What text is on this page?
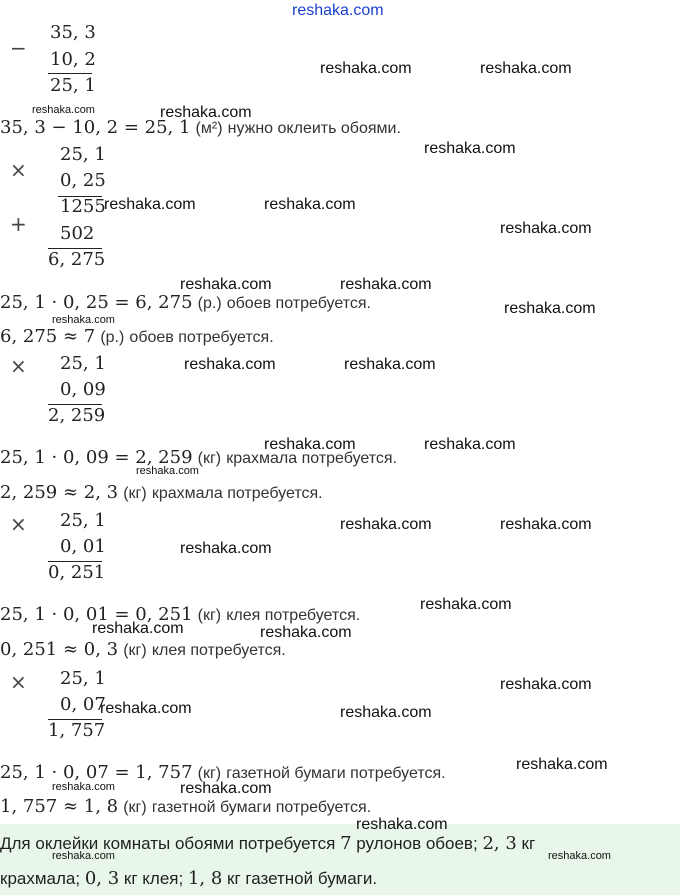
reshaka.com
−
35, 3
10, 2
25, 1
reshaka.com	reshaka.com
reshaka.com	reshaka.com
35, 3 − 10, 2 = 25, 1 (м²) нужно оклеить обоями.
×
25, 1
0, 25
1255
+ 502
6, 275
reshaka.com
reshaka.com	reshaka.com
reshaka.com
reshaka.com	reshaka.com
25, 1 · 0, 25 = 6, 275 (р.) обоев потребуется.	reshaka.com
reshaka.com
6, 275 ≈ 7 (р.) обоев потребуется.
× 25, 1
0, 09
2, 259
reshaka.com	reshaka.com
reshaka.com	reshaka.com
25, 1 · 0, 09 = 2, 259 (кг) крахмала потребуется.
reshaka.com
2, 259 ≈ 2, 3 (кг) крахмала потребуется.
× 25, 1
0, 01
0, 251
reshaka.com	reshaka.com
reshaka.com
reshaka.com
25, 1 · 0, 01 = 0, 251 (кг) клея потребуется.
reshaka.com	reshaka.com
0, 251 ≈ 0, 3 (кг) клея потребуется.
× 25, 1
0, 07
1, 757
reshaka.com
reshaka.com	reshaka.com
reshaka.com
25, 1 · 0, 07 = 1, 757 (кг) газетной бумаги потребуется.
reshaka.com	reshaka.com
1, 757 ≈ 1, 8 (кг) газетной бумаги потребуется.
reshaka.com
Для оклейки комнаты обоями потребуется 7 рулонов обоев; 2, 3 кг
reshaka.com	reshaka.com
крахмала; 0, 3 кг клея; 1, 8 кг газетной бумаги.
